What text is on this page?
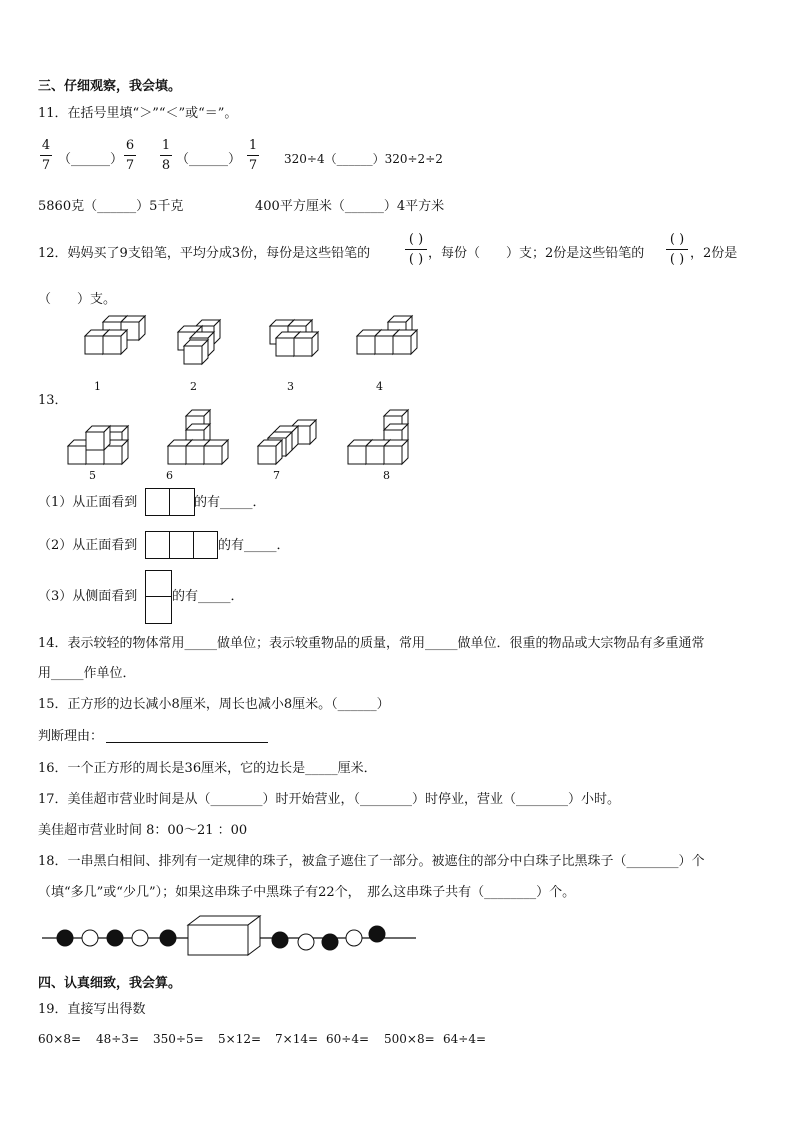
三、仔细观察，我会填。
11．在括号里填“＞”“＜”或“＝”。
4
7 （______）
6
7
1
8 （______）
1
7 320÷4（______）320÷2÷2
5860克（______）5千克	400平方厘米（______）4平方米
12．妈妈买了9支铅笔，平均分成3份，每份是这些铅笔的
( )
( ) ，每份（　　）支；2份是这些铅笔的
( )
( ) ，2份是
（　　）支。
1	2	3	4
5	6	7	8
13．
（1）从正面看到	的有_____．
（2）从正面看到	的有_____．
（3）从侧面看到	的有_____．
14．表示较轻的物体常用_____做单位；表示较重物品的质量，常用_____做单位．很重的物品或大宗物品有多重通常
用_____作单位．
15．正方形的边长减小8厘米，周长也减小8厘米。（______）
判断理由：
16．一个正方形的周长是36厘米，它的边长是_____厘米．
17．美佳超市营业时间是从（________）时开始营业，（________）时停业，营业（________）小时。
美佳超市营业时间 8：00～21 ：00
18．一串黑白相间、排列有一定规律的珠子，被盒子遮住了一部分。被遮住的部分中白珠子比黑珠子（________）个
（填“多几”或“少几”）；如果这串珠子中黑珠子有22个，　那么这串珠子共有（________）个。
四、认真细致，我会算。
19．直接写出得数
60×8= 48÷3= 350÷5= 5×12= 7×14= 60÷4= 500×8= 64÷4=
